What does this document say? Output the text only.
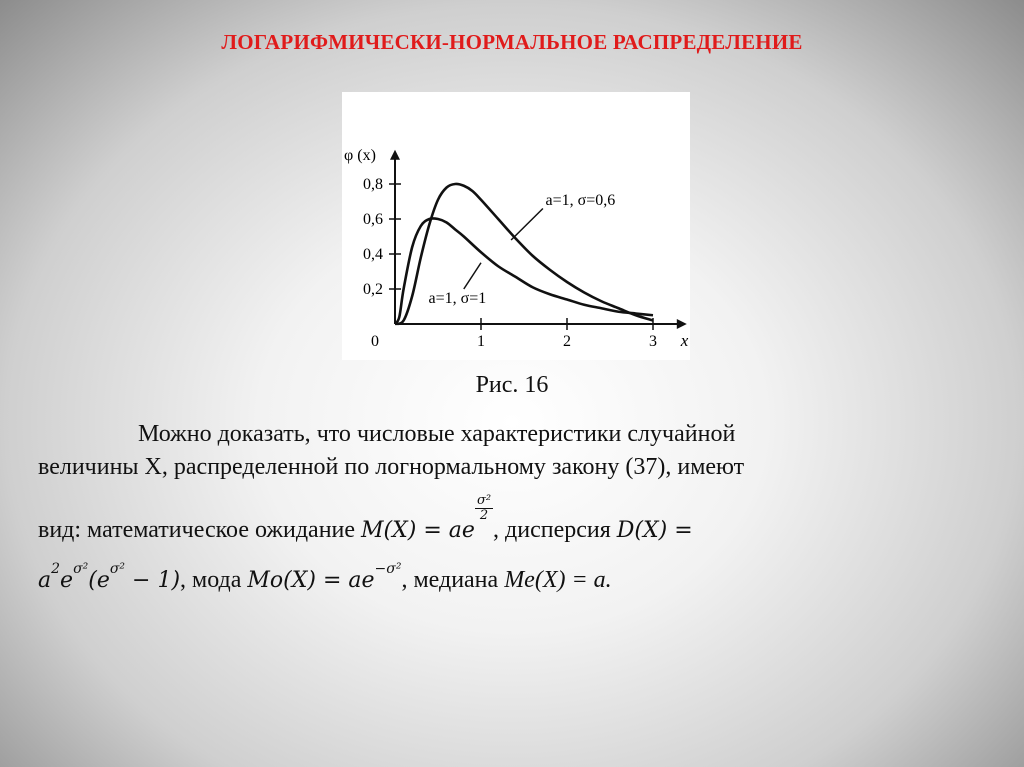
ЛОГАРИФМИЧЕСКИ-НОРМАЛЬНОЕ РАСПРЕДЕЛЕНИЕ
0	1	2	3
0,2
0,4
0,6
0,8
φ (x)
x
a=1, σ=0,6
a=1, σ=1
Рис. 16
Можно доказать, что числовые характеристики случайной
величины X, распределенной по логнормальному закону (37), имеют
вид: математическое ожидание M(X) = ae
$\frac{\text{σ²}}{2}$
, дисперсия D(X) =
$a^2e^{\sigma^2}(e^{\sigma^2} - 1)$, мода $Mo(X) = ae^{-\sigma^2}$, медиана Me(X) = a.
